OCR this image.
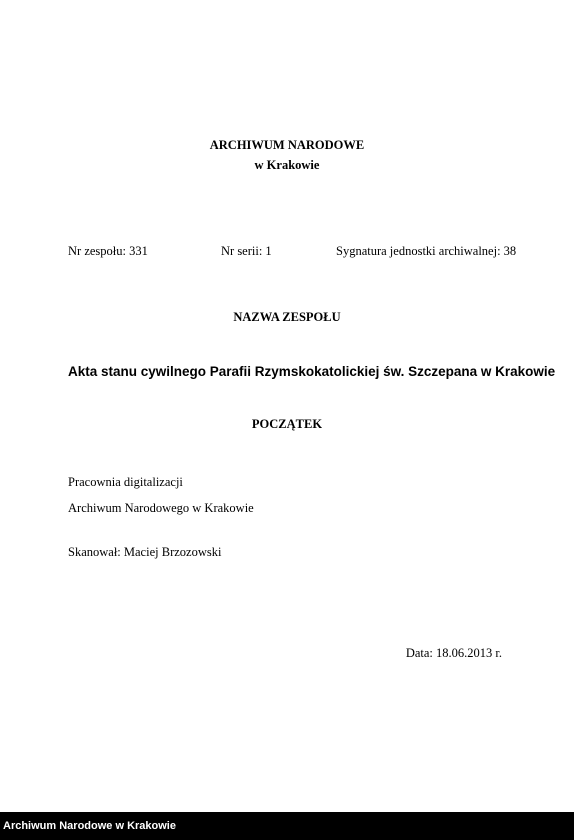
ARCHIWUM NARODOWE
w Krakowie
Nr zespołu: 331	Nr serii: 1	Sygnatura jednostki archiwalnej: 38
NAZWA ZESPOŁU
Akta stanu cywilnego Parafii Rzymskokatolickiej św. Szczepana w Krakowie
POCZĄTEK
Pracownia digitalizacji
Archiwum Narodowego w Krakowie
Skanował: Maciej Brzozowski
Data: 18.06.2013 r.
Archiwum Narodowe w Krakowie
